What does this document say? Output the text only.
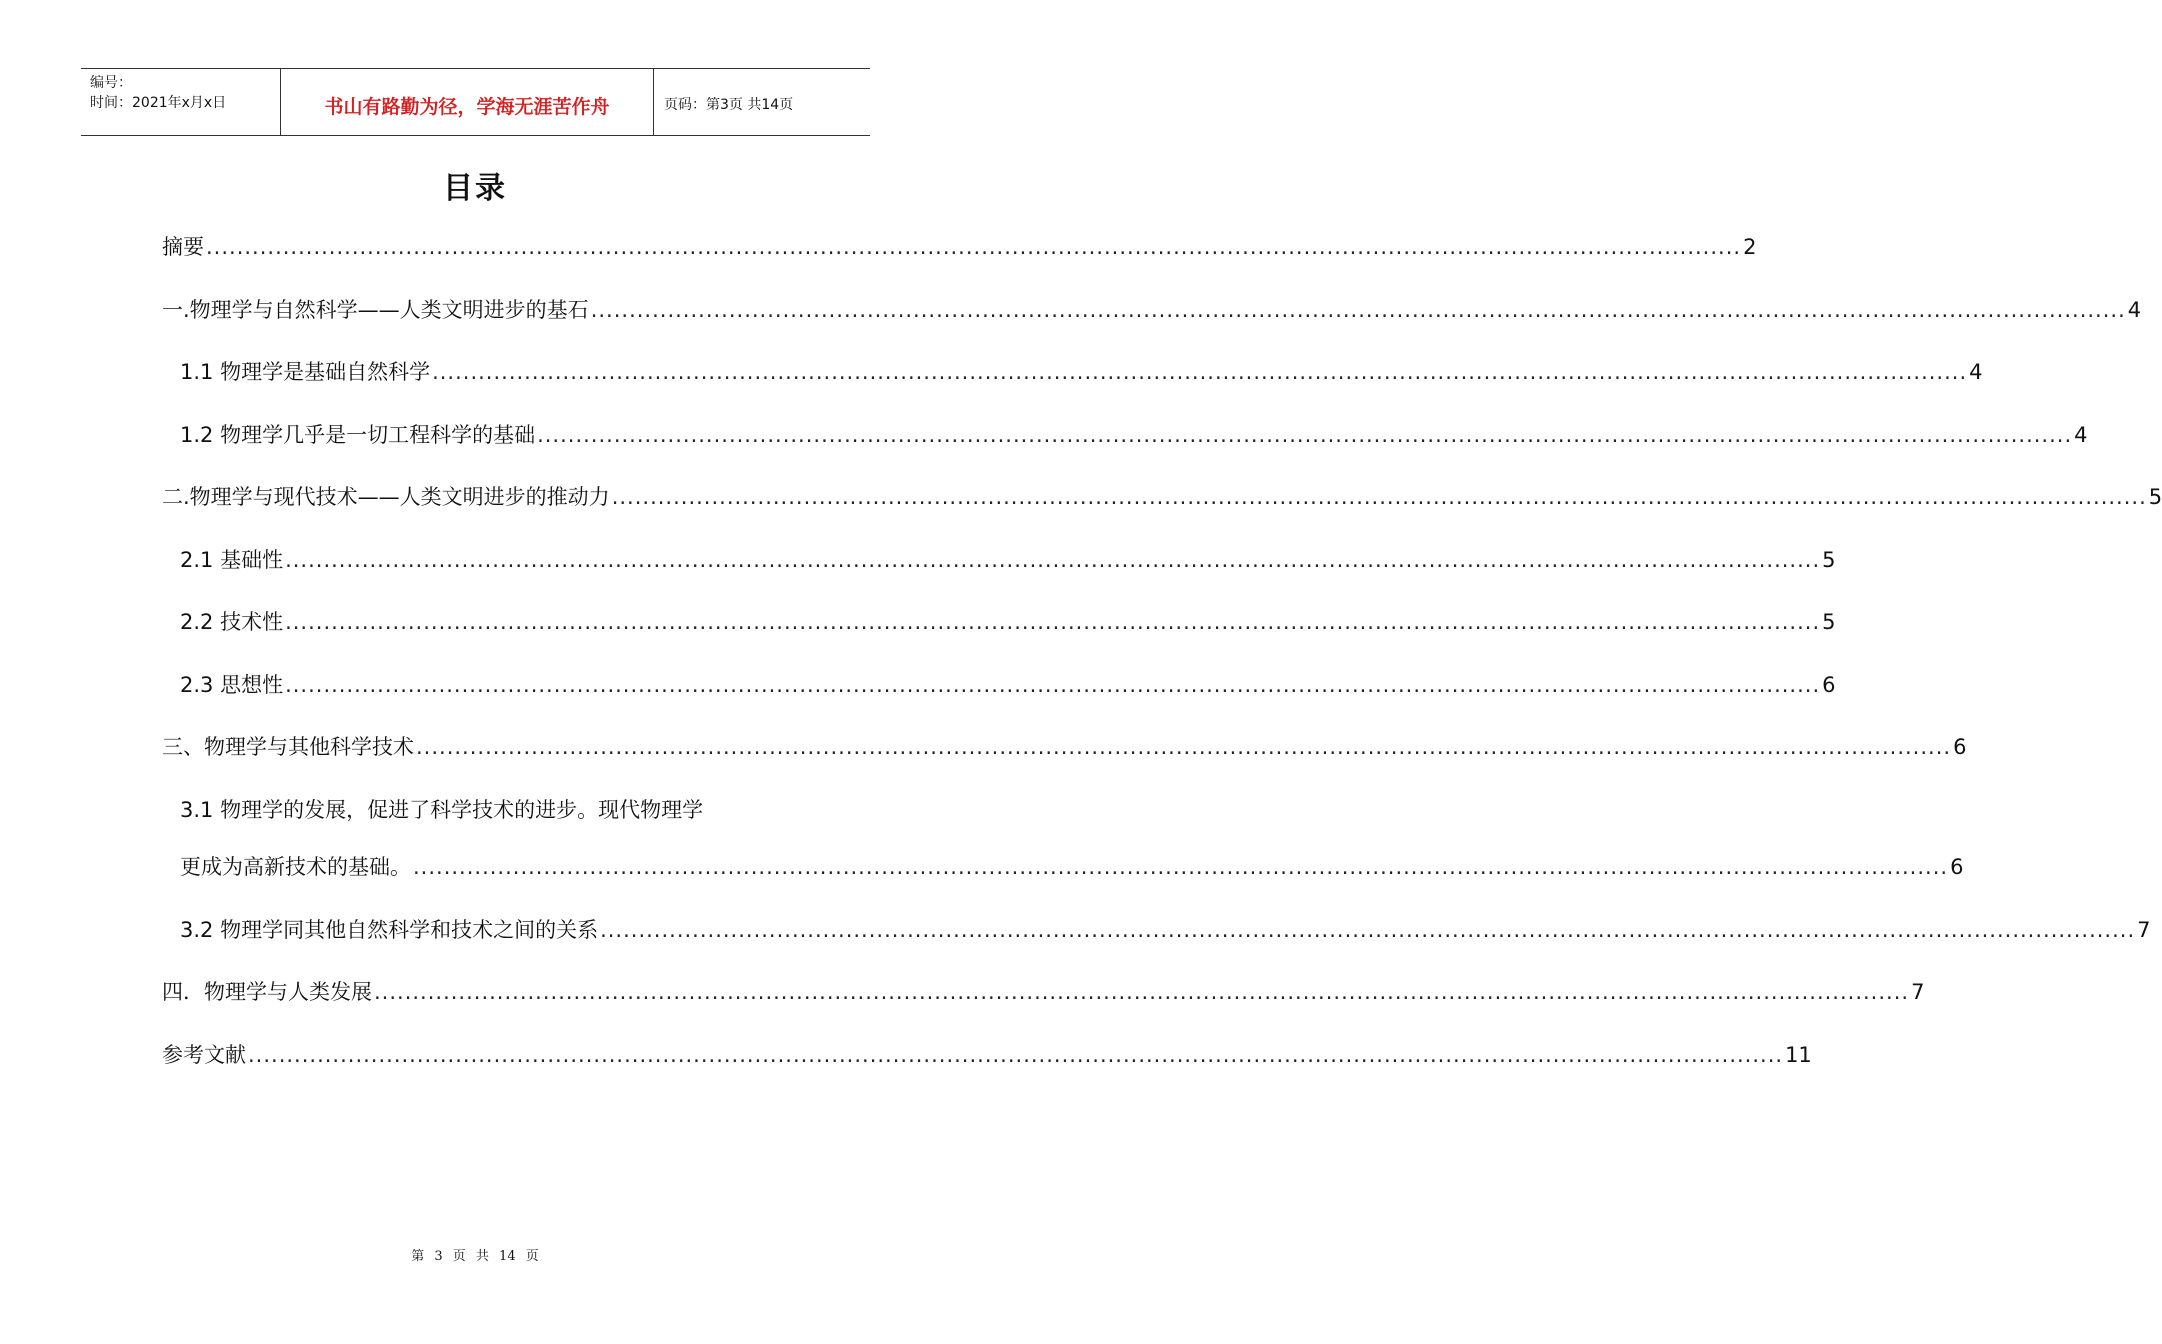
编号：
时间：2021年x月x日	书山有路勤为径，学海无涯苦作舟	页码：第3页 共14页
目录
摘要 ........................................................................................................................................................................................................ 2
一.物理学与自然科学——人类文明进步的基石 ........................................................................................................................................................................................................ 4
1.1 物理学是基础自然科学 ........................................................................................................................................................................................................ 4
1.2 物理学几乎是一切工程科学的基础 ........................................................................................................................................................................................................ 4
二.物理学与现代技术——人类文明进步的推动力 ........................................................................................................................................................................................................ 5
2.1 基础性 ........................................................................................................................................................................................................ 5
2.2 技术性 ........................................................................................................................................................................................................ 5
2.3 思想性 ........................................................................................................................................................................................................ 6
三、物理学与其他科学技术 ........................................................................................................................................................................................................ 6
3.1 物理学的发展，促进了科学技术的进步。现代物理学
更成为高新技术的基础。 ........................................................................................................................................................................................................ 6
3.2 物理学同其他自然科学和技术之间的关系 ........................................................................................................................................................................................................ 7
四．物理学与人类发展 ........................................................................................................................................................................................................ 7
参考文献 ........................................................................................................................................................................................................ 11
第 3 页 共 14 页
